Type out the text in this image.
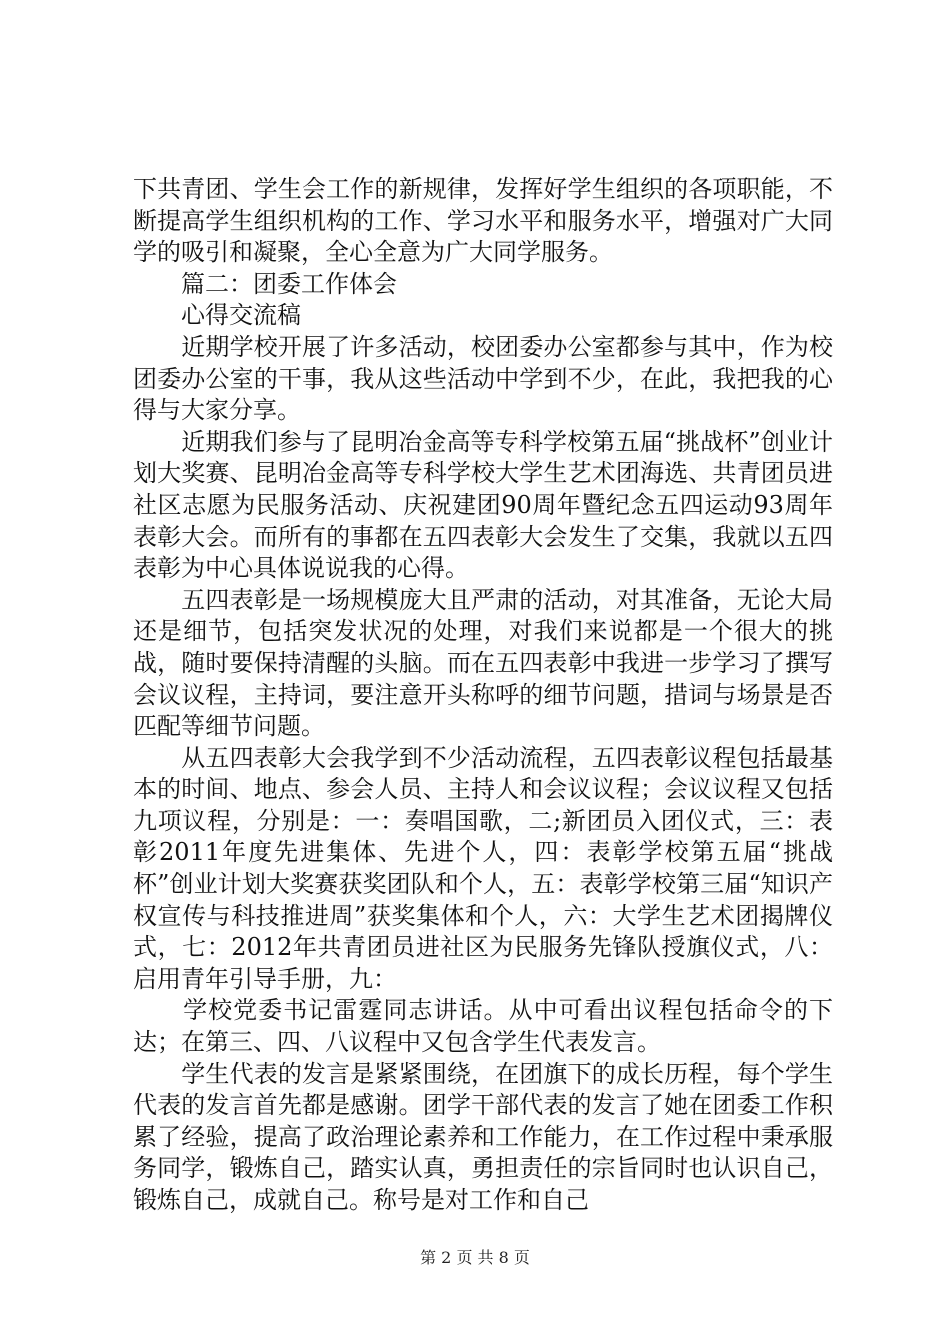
下共青团、学生会工作的新规律，发挥好学生组织的各项职能，不断提高学生组织机构的工作、学习水平和服务水平，增强对广大同学的吸引和凝聚，全心全意为广大同学服务。

　　篇二：团委工作体会

　　心得交流稿

　　近期学校开展了许多活动，校团委办公室都参与其中，作为校团委办公室的干事，我从这些活动中学到不少，在此，我把我的心得与大家分享。

　　近期我们参与了昆明冶金高等专科学校第五届“挑战杯”创业计划大奖赛、昆明冶金高等专科学校大学生艺术团海选、共青团员进社区志愿为民服务活动、庆祝建团90周年暨纪念五四运动93周年表彰大会。而所有的事都在五四表彰大会发生了交集，我就以五四表彰为中心具体说说我的心得。

　　五四表彰是一场规模庞大且严肃的活动，对其准备，无论大局还是细节，包括突发状况的处理，对我们来说都是一个很大的挑战，随时要保持清醒的头脑。而在五四表彰中我进一步学习了撰写会议议程，主持词，要注意开头称呼的细节问题，措词与场景是否匹配等细节问题。

　　从五四表彰大会我学到不少活动流程，五四表彰议程包括最基本的时间、地点、参会人员、主持人和会议议程；会议议程又包括九项议程，分别是：一：奏唱国歌，二;新团员入团仪式，三：表彰2011年度先进集体、先进个人，四：表彰学校第五届“挑战杯”创业计划大奖赛获奖团队和个人，五：表彰学校第三届“知识产权宣传与科技推进周”获奖集体和个人，六：大学生艺术团揭牌仪式，七：2012年共青团员进社区为民服务先锋队授旗仪式，八：启用青年引导手册，九：

　　学校党委书记雷霆同志讲话。从中可看出议程包括命令的下达；在第三、四、八议程中又包含学生代表发言。

　　学生代表的发言是紧紧围绕，在团旗下的成长历程，每个学生代表的发言首先都是感谢。团学干部代表的发言了她在团委工作积累了经验，提高了政治理论素养和工作能力，在工作过程中秉承服务同学，锻炼自己，踏实认真，勇担责任的宗旨同时也认识自己，锻炼自己，成就自己。称号是对工作和自己

第 2 页 共 8 页
